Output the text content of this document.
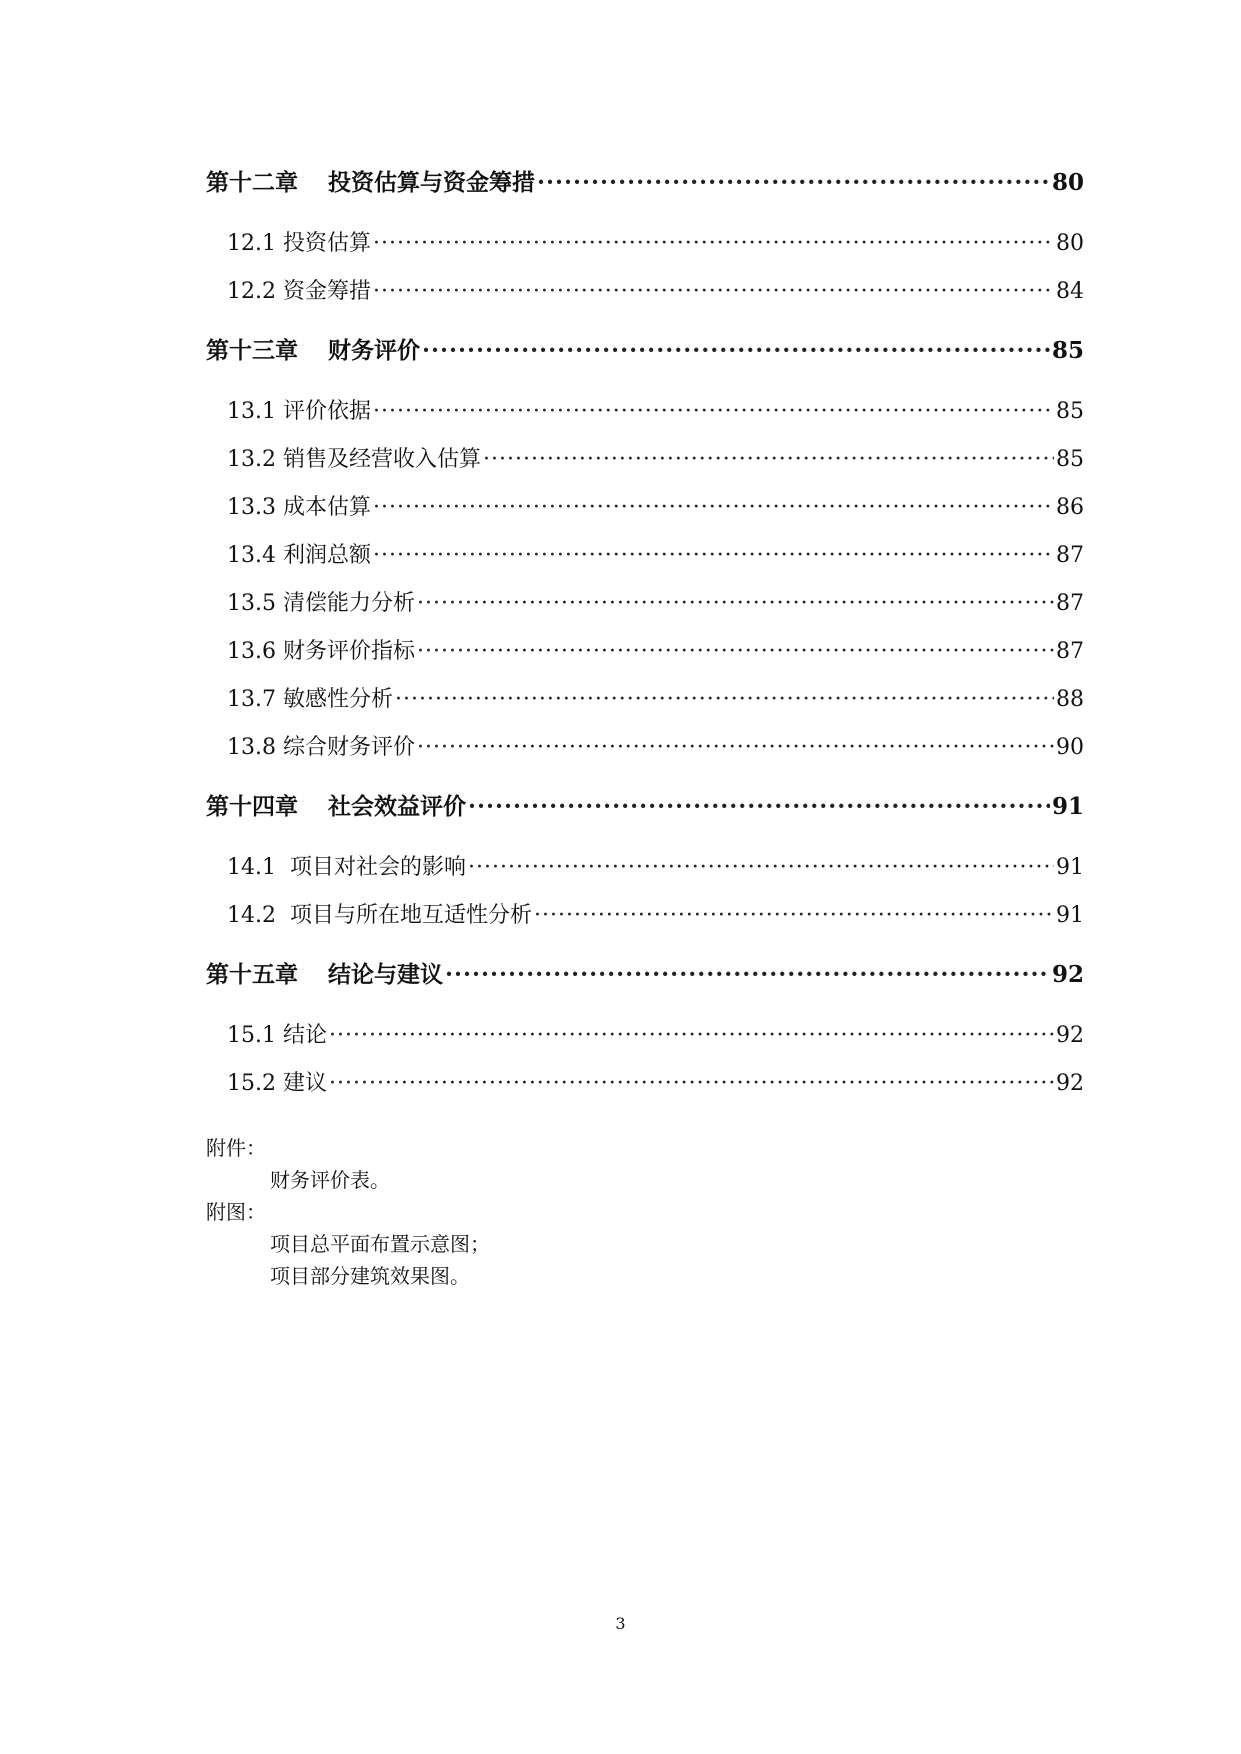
第十二章 投资估算与资金筹措 ·····	80
12.1 投资估算 ·····	80
12.2 资金筹措 ·····	84
第十三章 财务评价 ·····	85
13.1 评价依据 ·····	85
13.2 销售及经营收入估算 ·····	85
13.3 成本估算 ·····	86
13.4 利润总额 ·····	87
13.5 清偿能力分析 ·····	87
13.6 财务评价指标 ·····	87
13.7 敏感性分析 ·····	88
13.8 综合财务评价 ·····	90
第十四章 社会效益评价 ·····	91
14.1  项目对社会的影响 ·····	91
14.2  项目与所在地互适性分析 ·····	91
第十五章 结论与建议 ·····	92
15.1 结论 ·····	92
15.2 建议 ·····	92
附件：
财务评价表。
附图：
项目总平面布置示意图；
项目部分建筑效果图。
3
